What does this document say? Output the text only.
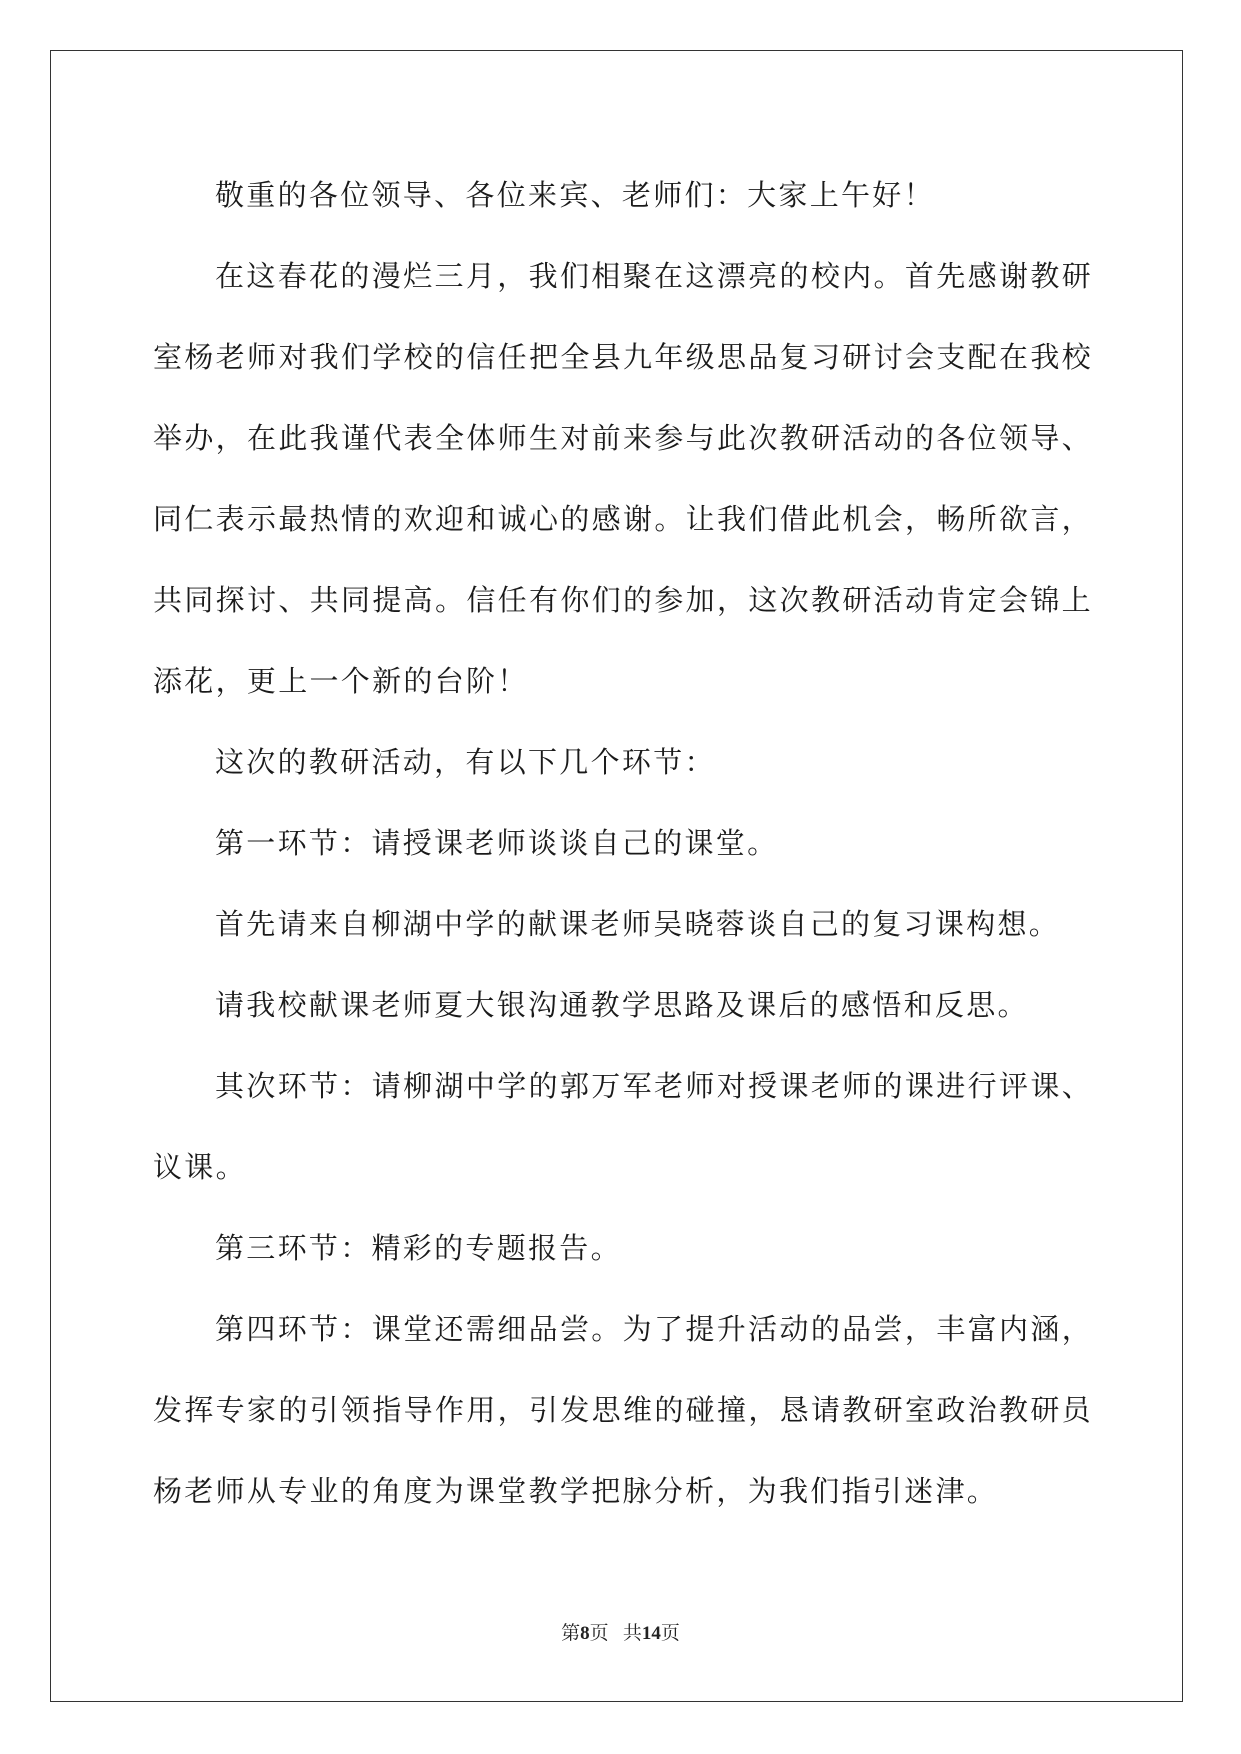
敬重的各位领导、各位来宾、老师们：大家上午好！

在这春花的漫烂三月，我们相聚在这漂亮的校内。首先感谢教研室杨老师对我们学校的信任把全县九年级思品复习研讨会支配在我校举办，在此我谨代表全体师生对前来参与此次教研活动的各位领导、同仁表示最热情的欢迎和诚心的感谢。让我们借此机会，畅所欲言，共同探讨、共同提高。信任有你们的参加，这次教研活动肯定会锦上添花，更上一个新的台阶！

这次的教研活动，有以下几个环节：

第一环节：请授课老师谈谈自己的课堂。

首先请来自柳湖中学的献课老师吴晓蓉谈自己的复习课构想。

请我校献课老师夏大银沟通教学思路及课后的感悟和反思。

其次环节：请柳湖中学的郭万军老师对授课老师的课进行评课、议课。

第三环节：精彩的专题报告。

第四环节：课堂还需细品尝。为了提升活动的品尝，丰富内涵，发挥专家的引领指导作用，引发思维的碰撞，恳请教研室政治教研员杨老师从专业的角度为课堂教学把脉分析，为我们指引迷津。

第8页 共14页
